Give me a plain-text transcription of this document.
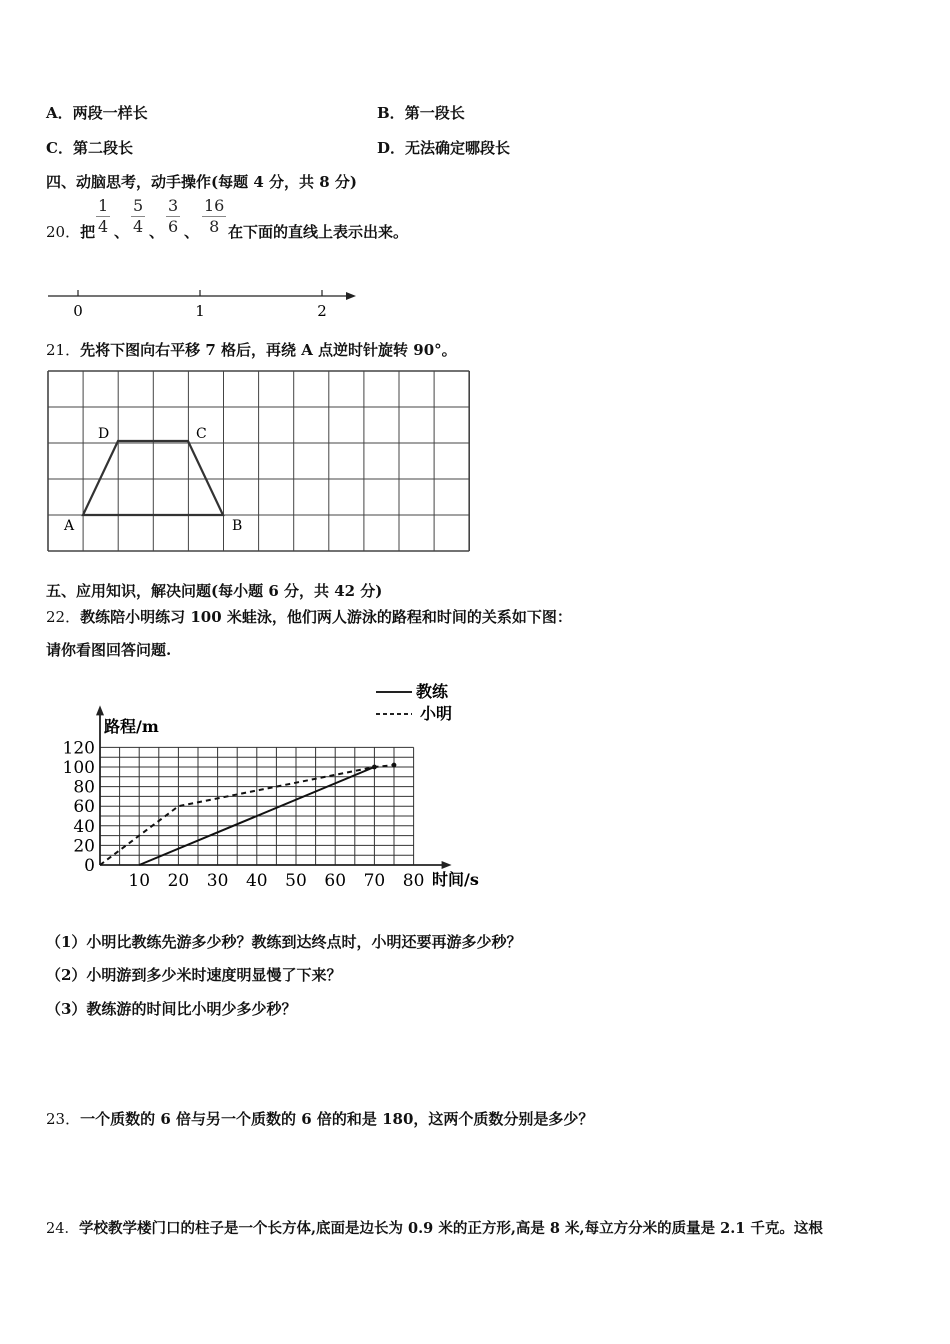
A．两段一样长	B．第一段长
C．第二段长	D．无法确定哪段长
四、动脑思考，动手操作(每题 4 分，共 8 分)
20．把 $\frac{1}{4}$ 、 $\frac{5}{4}$ 、 $\frac{3}{6}$ 、 $\frac{16}{8}$ 在下面的直线上表示出来。
0	1	2
21．先将下图向右平移 7 格后，再绕 A 点逆时针旋转 90°。
A	B
C
D
五、应用知识，解决问题(每小题 6 分，共 42 分)
22．教练陪小明练习 100 米蛙泳，他们两人游泳的路程和时间的关系如下图：
请你看图回答问题.
0
20
40
60
80
100
120
10 20 30 40 50 60 70 80
路程/m
时间/s
教练
小明
（1）小明比教练先游多少秒？教练到达终点时，小明还要再游多少秒？
（2）小明游到多少米时速度明显慢了下来？
（3）教练游的时间比小明少多少秒？
23．一个质数的 6 倍与另一个质数的 6 倍的和是 180，这两个质数分别是多少？
24．学校教学楼门口的柱子是一个长方体,底面是边长为 0.9 米的正方形,高是 8 米,每立方分米的质量是 2.1 千克。这根
